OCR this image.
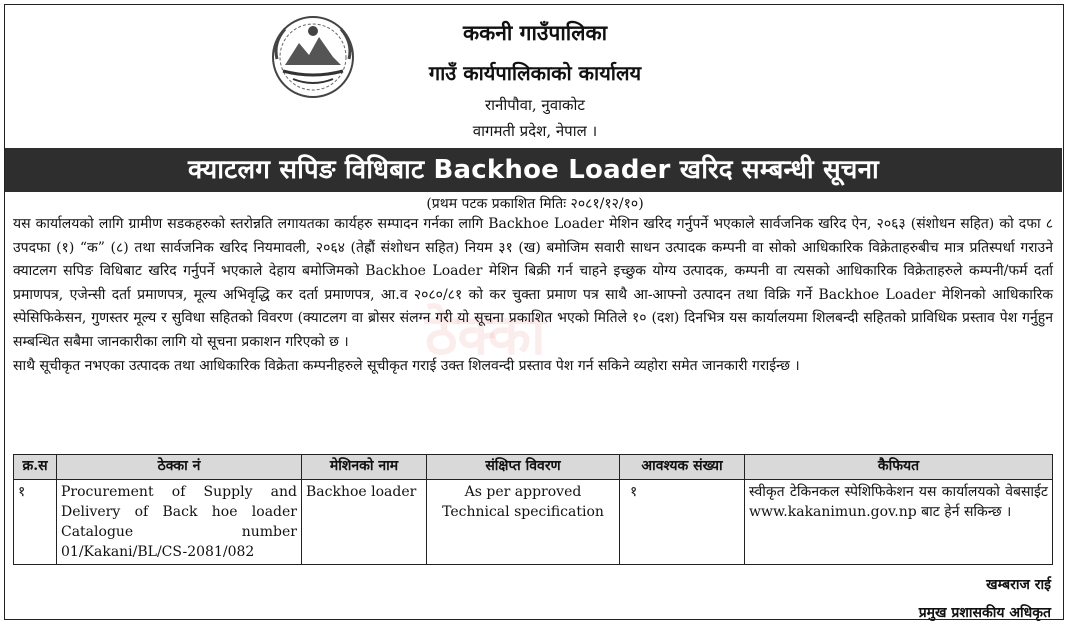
ककनी गाउँपालिका
गाउँ कार्यपालिकाको कार्यालय
रानीपौवा, नुवाकोट
वागमती प्रदेश, नेपाल ।
क्याटलग सपिङ विधिबाट Backhoe Loader खरिद सम्बन्धी सूचना
(प्रथम पटक प्रकाशित मितिः २०८१/१२/१०)
ठेक्का

यस कार्यालयको लागि ग्रामीण सडकहरुको स्तरोन्नति लगायतका कार्यहरु सम्पादन गर्नका लागि Backhoe Loader मेशिन खरिद गर्नुपर्ने भएकाले सार्वजनिक खरिद ऐन, २०६३ (संशोधन सहित) को दफा ८ उपदफा (१) “क” (८) तथा सार्वजनिक खरिद नियमावली, २०६४ (तेह्रौं संशोधन सहित) नियम ३१ (ख) बमोजिम सवारी साधन उत्पादक कम्पनी वा सोको आधिकारिक विक्रेताहरुबीच मात्र प्रतिस्पर्धा गराउने क्याटलग सपिङ विधिबाट खरिद गर्नुपर्ने भएकाले देहाय बमोजिमको Backhoe Loader मेशिन बिक्री गर्न चाहने इच्छुक योग्य उत्पादक, कम्पनी वा त्यसको आधिकारिक विक्रेताहरुले कम्पनी/फर्म दर्ता प्रमाणपत्र, एजेन्सी दर्ता प्रमाणपत्र, मूल्य अभिवृद्धि कर दर्ता प्रमाणपत्र, आ.व २०८०/८१ को कर चुक्ता प्रमाण पत्र साथै आ-आफ्नो उत्पादन तथा विक्रि गर्ने Backhoe Loader मेशिनको आधिकारिक स्पेसिफिकेसन, गुणस्तर मूल्य र सुविधा सहितको विवरण (क्याटलग वा ब्रोसर संलग्न गरी यो सूचना प्रकाशित भएको मितिले १० (दश) दिनभित्र यस कार्यालयमा शिलबन्दी सहितको प्राविधिक प्रस्ताव पेश गर्नुहुन सम्बन्धित सबैमा जानकारीका लागि यो सूचना प्रकाशन गरिएको छ ।

साथै सूचीकृत नभएका उत्पादक तथा आधिकारिक विक्रेता कम्पनीहरुले सूचीकृत गराई उक्त शिलवन्दी प्रस्ताव पेश गर्न सकिने व्यहोरा समेत जानकारी गराईन्छ ।

क्र.स	ठेक्का नं	मेशिनको नाम	संक्षिप्त विवरण	आवश्यक संख्या	कैफियत
१	Procurement of Supply and Delivery of Back hoe loader Catalogue number 01/Kakani/BL/CS-2081/082	Backhoe loader	As per approved Technical specification	१	स्वीकृत टेकिनकल स्पेशिफिकेशन यस कार्यालयको वेबसाईट www.kakanimun.gov.np बाट हेर्न सकिन्छ ।
खम्बराज राई
प्रमुख प्रशासकीय अधिकृत
